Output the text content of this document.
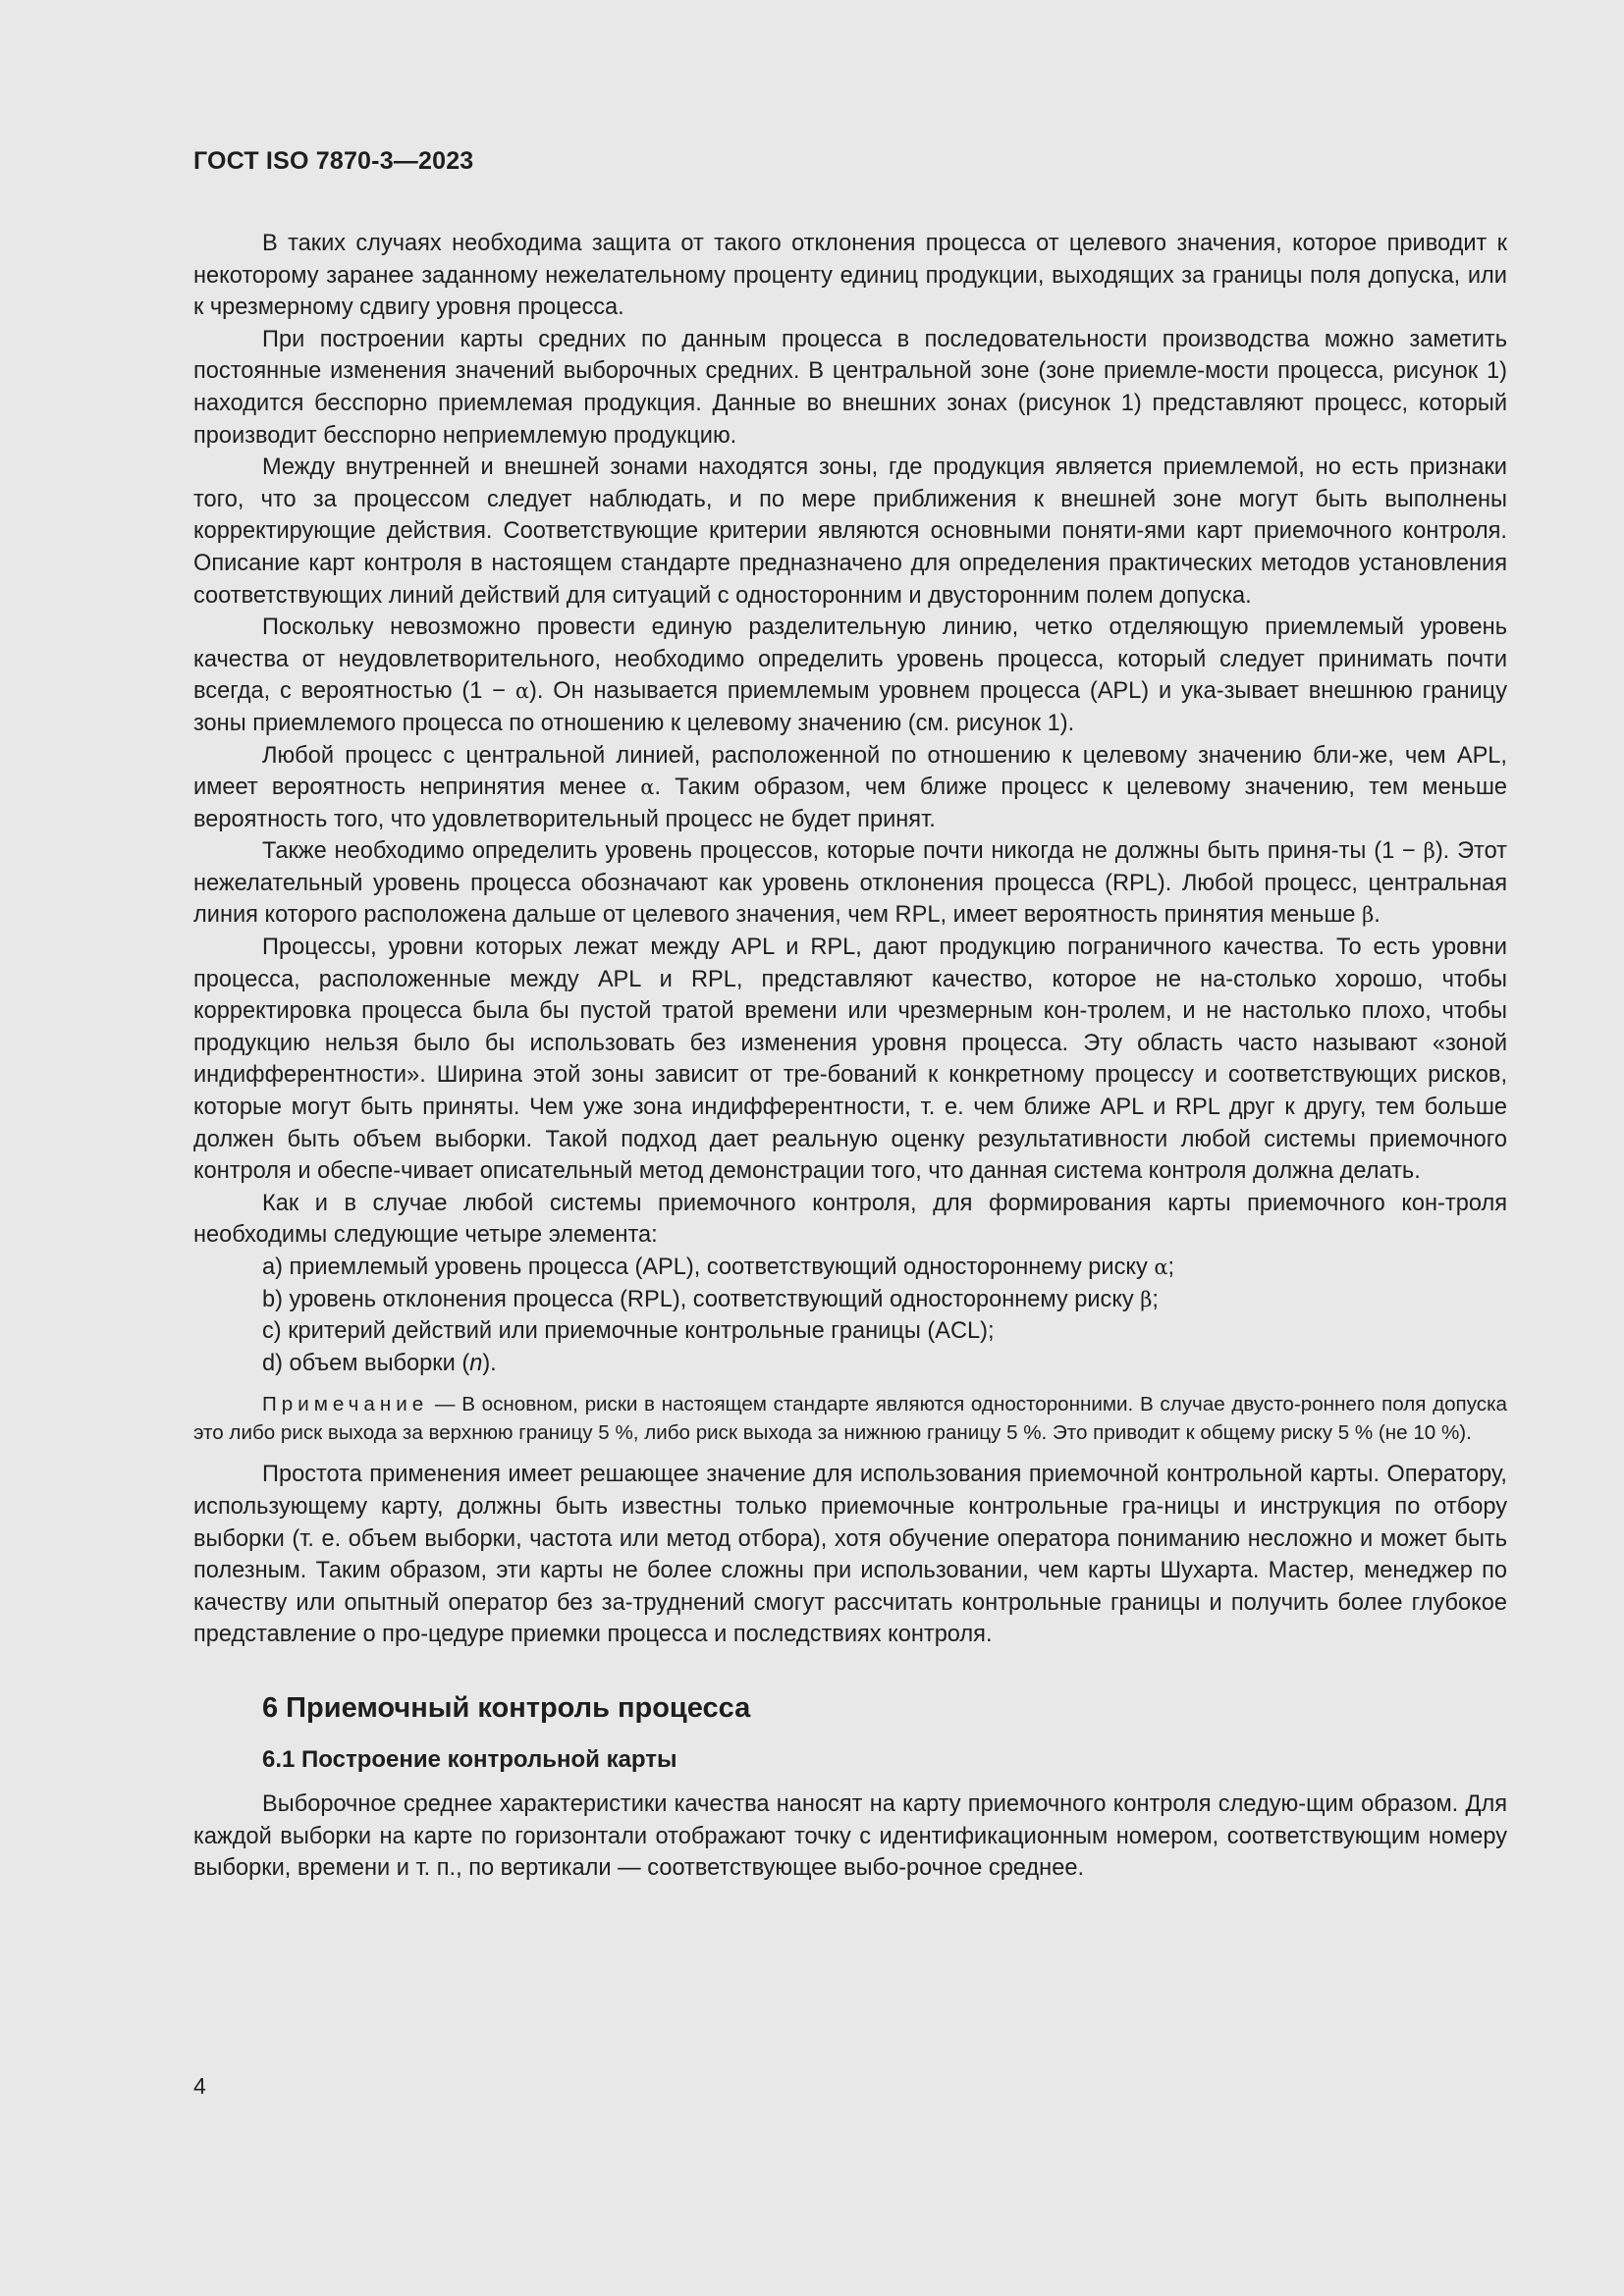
ГОСТ ISO 7870-3—2023

В таких случаях необходима защита от такого отклонения процесса от целевого значения, которое приводит к некоторому заранее заданному нежелательному проценту единиц продукции, выходящих за границы поля допуска, или к чрезмерному сдвигу уровня процесса.

При построении карты средних по данным процесса в последовательности производства можно заметить постоянные изменения значений выборочных средних. В центральной зоне (зоне приемле-мости процесса, рисунок 1) находится бесспорно приемлемая продукция. Данные во внешних зонах (рисунок 1) представляют процесс, который производит бесспорно неприемлемую продукцию.

Между внутренней и внешней зонами находятся зоны, где продукция является приемлемой, но есть признаки того, что за процессом следует наблюдать, и по мере приближения к внешней зоне могут быть выполнены корректирующие действия. Соответствующие критерии являются основными поняти-ями карт приемочного контроля. Описание карт контроля в настоящем стандарте предназначено для определения практических методов установления соответствующих линий действий для ситуаций с односторонним и двусторонним полем допуска.

Поскольку невозможно провести единую разделительную линию, четко отделяющую приемлемый уровень качества от неудовлетворительного, необходимо определить уровень процесса, который следует принимать почти всегда, с вероятностью (1 − α). Он называется приемлемым уровнем процесса (APL) и ука-зывает внешнюю границу зоны приемлемого процесса по отношению к целевому значению (см. рисунок 1).

Любой процесс с центральной линией, расположенной по отношению к целевому значению бли-же, чем APL, имеет вероятность непринятия менее α. Таким образом, чем ближе процесс к целевому значению, тем меньше вероятность того, что удовлетворительный процесс не будет принят.

Также необходимо определить уровень процессов, которые почти никогда не должны быть приня-ты (1 − β). Этот нежелательный уровень процесса обозначают как уровень отклонения процесса (RPL). Любой процесс, центральная линия которого расположена дальше от целевого значения, чем RPL, имеет вероятность принятия меньше β.

Процессы, уровни которых лежат между APL и RPL, дают продукцию пограничного качества. То есть уровни процесса, расположенные между APL и RPL, представляют качество, которое не на-столько хорошо, чтобы корректировка процесса была бы пустой тратой времени или чрезмерным кон-тролем, и не настолько плохо, чтобы продукцию нельзя было бы использовать без изменения уровня процесса. Эту область часто называют «зоной индифферентности». Ширина этой зоны зависит от тре-бований к конкретному процессу и соответствующих рисков, которые могут быть приняты. Чем уже зона индифферентности, т. е. чем ближе APL и RPL друг к другу, тем больше должен быть объем выборки. Такой подход дает реальную оценку результативности любой системы приемочного контроля и обеспе-чивает описательный метод демонстрации того, что данная система контроля должна делать.

Как и в случае любой системы приемочного контроля, для формирования карты приемочного кон-троля необходимы следующие четыре элемента:

а) приемлемый уровень процесса (APL), соответствующий одностороннему риску α;

b) уровень отклонения процесса (RPL), соответствующий одностороннему риску β;

с) критерий действий или приемочные контрольные границы (ACL);

d) объем выборки (n).

Примечание — В основном, риски в настоящем стандарте являются односторонними. В случае двусто-роннего поля допуска это либо риск выхода за верхнюю границу 5 %, либо риск выхода за нижнюю границу 5 %. Это приводит к общему риску 5 % (не 10 %).

Простота применения имеет решающее значение для использования приемочной контрольной карты. Оператору, использующему карту, должны быть известны только приемочные контрольные гра-ницы и инструкция по отбору выборки (т. е. объем выборки, частота или метод отбора), хотя обучение оператора пониманию несложно и может быть полезным. Таким образом, эти карты не более сложны при использовании, чем карты Шухарта. Мастер, менеджер по качеству или опытный оператор без за-труднений смогут рассчитать контрольные границы и получить более глубокое представление о про-цедуре приемки процесса и последствиях контроля.

6 Приемочный контроль процесса
6.1 Построение контрольной карты

Выборочное среднее характеристики качества наносят на карту приемочного контроля следую-щим образом. Для каждой выборки на карте по горизонтали отображают точку с идентификационным номером, соответствующим номеру выборки, времени и т. п., по вертикали — соответствующее выбо-рочное среднее.

4
